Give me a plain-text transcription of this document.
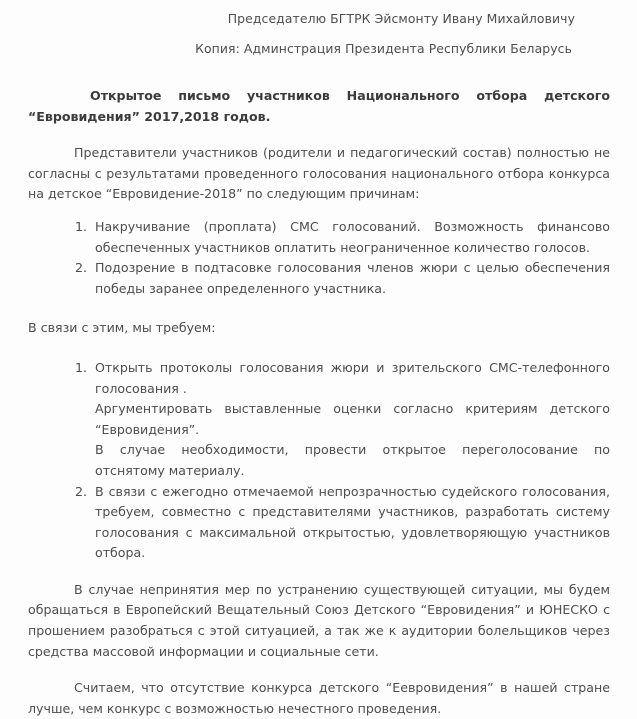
Председателю БГТРК Эйсмонту Ивану Михайловичу
Копия: Админстрация Президента Республики Беларусь

Открытое письмо участников Национального отбора детского “Евровидения” 2017,2018 годов.

Представители участников (родители и педагогический состав) полностью не согласны с результатами проведенного голосования национального отбора конкурса на детское “Евровидение-2018” по следующим причинам:

Накручивание (проплата) СМС голосований. Возможность финансово обеспеченных участников оплатить неограниченное количество голосов.

Подозрение в подтасовке голосования членов жюри с целью обеспечения победы заранее определенного участника.

В связи с этим, мы требуем:

Открыть протоколы голосования жюри и зрительского СМС-телефонного голосования .

Аргументировать выставленные оценки согласно критериям детского “Евровидения”.

В случае необходимости, провести открытое переголосование по отснятому материалу.

В связи с ежегодно отмечаемой непрозрачностью судейского голосования, требуем, совместно с представителями участников, разработать систему голосования с максимальной открытостью, удовлетворяющую участников отбора.

В случае непринятия мер по устранению существующей ситуации, мы будем обращаться в Европейский Вещательный Союз Детского “Евровидения” и ЮНЕСКО с прошением разобраться с этой ситуацией, а так же к аудитории болельщиков через средства массовой информации и социальные сети.

Считаем, что отсутствие конкурса детского “Еевровидения” в нашей стране лучше, чем конкурс с возможностью нечестного проведения.
